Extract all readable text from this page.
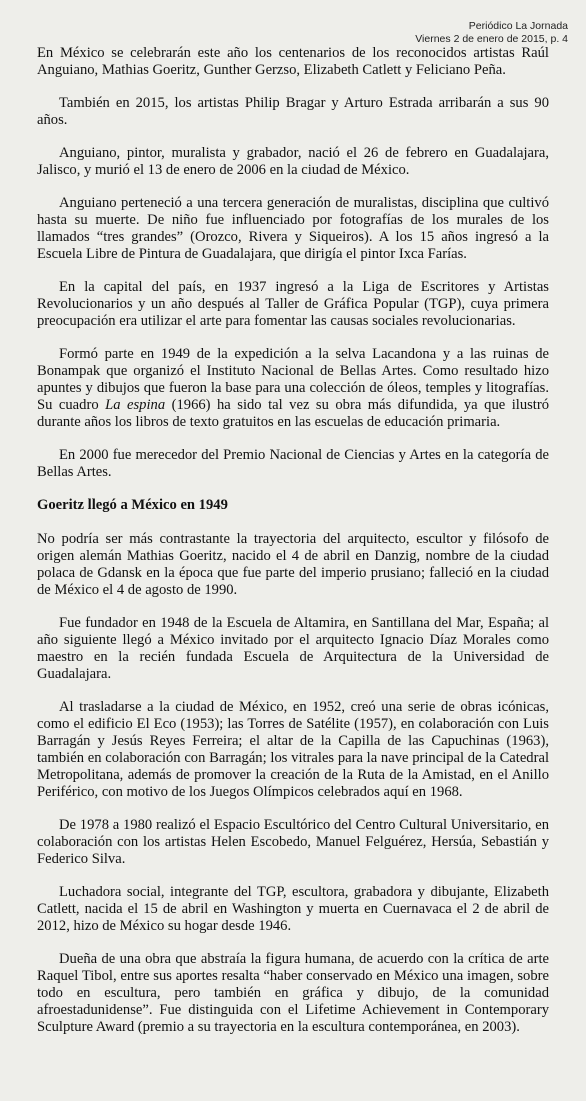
Periódico La Jornada
Viernes 2 de enero de 2015, p. 4

En México se celebrarán este año los centenarios de los reconocidos artistas Raúl Anguiano, Mathias Goeritz, Gunther Gerzso, Elizabeth Catlett y Feliciano Peña.

También en 2015, los artistas Philip Bragar y Arturo Estrada arribarán a sus 90 años.

Anguiano, pintor, muralista y grabador, nació el 26 de febrero en Guadalajara, Jalisco, y murió el 13 de enero de 2006 en la ciudad de México.

Anguiano perteneció a una tercera generación de muralistas, disciplina que cultivó hasta su muerte. De niño fue influenciado por fotografías de los murales de los llamados “tres grandes” (Orozco, Rivera y Siqueiros). A los 15 años ingresó a la Escuela Libre de Pintura de Guadalajara, que dirigía el pintor Ixca Farías.

En la capital del país, en 1937 ingresó a la Liga de Escritores y Artistas Revolucionarios y un año después al Taller de Gráfica Popular (TGP), cuya primera preocupación era utilizar el arte para fomentar las causas sociales revolucionarias.

Formó parte en 1949 de la expedición a la selva Lacandona y a las ruinas de Bonampak que organizó el Instituto Nacional de Bellas Artes. Como resultado hizo apuntes y dibujos que fueron la base para una colección de óleos, temples y litografías. Su cuadro La espina (1966) ha sido tal vez su obra más difundida, ya que ilustró durante años los libros de texto gratuitos en las escuelas de educación primaria.

En 2000 fue merecedor del Premio Nacional de Ciencias y Artes en la categoría de Bellas Artes.

Goeritz llegó a México en 1949

No podría ser más contrastante la trayectoria del arquitecto, escultor y filósofo de origen alemán Mathias Goeritz, nacido el 4 de abril en Danzig, nombre de la ciudad polaca de Gdansk en la época que fue parte del imperio prusiano; falleció en la ciudad de México el 4 de agosto de 1990.

Fue fundador en 1948 de la Escuela de Altamira, en Santillana del Mar, España; al año siguiente llegó a México invitado por el arquitecto Ignacio Díaz Morales como maestro en la recién fundada Escuela de Arquitectura de la Universidad de Guadalajara.

Al trasladarse a la ciudad de México, en 1952, creó una serie de obras icónicas, como el edificio El Eco (1953); las Torres de Satélite (1957), en colaboración con Luis Barragán y Jesús Reyes Ferreira; el altar de la Capilla de las Capuchinas (1963), también en colaboración con Barragán; los vitrales para la nave principal de la Catedral Metropolitana, además de promover la creación de la Ruta de la Amistad, en el Anillo Periférico, con motivo de los Juegos Olímpicos celebrados aquí en 1968.

De 1978 a 1980 realizó el Espacio Escultórico del Centro Cultural Universitario, en colaboración con los artistas Helen Escobedo, Manuel Felguérez, Hersúa, Sebastián y Federico Silva.

Luchadora social, integrante del TGP, escultora, grabadora y dibujante, Elizabeth Catlett, nacida el 15 de abril en Washington y muerta en Cuernavaca el 2 de abril de 2012, hizo de México su hogar desde 1946.

Dueña de una obra que abstraía la figura humana, de acuerdo con la crítica de arte Raquel Tibol, entre sus aportes resalta “haber conservado en México una imagen, sobre todo en escultura, pero también en gráfica y dibujo, de la comunidad afroestadunidense”. Fue distinguida con el Lifetime Achievement in Contemporary Sculpture Award (premio a su trayectoria en la escultura contemporánea, en 2003).
